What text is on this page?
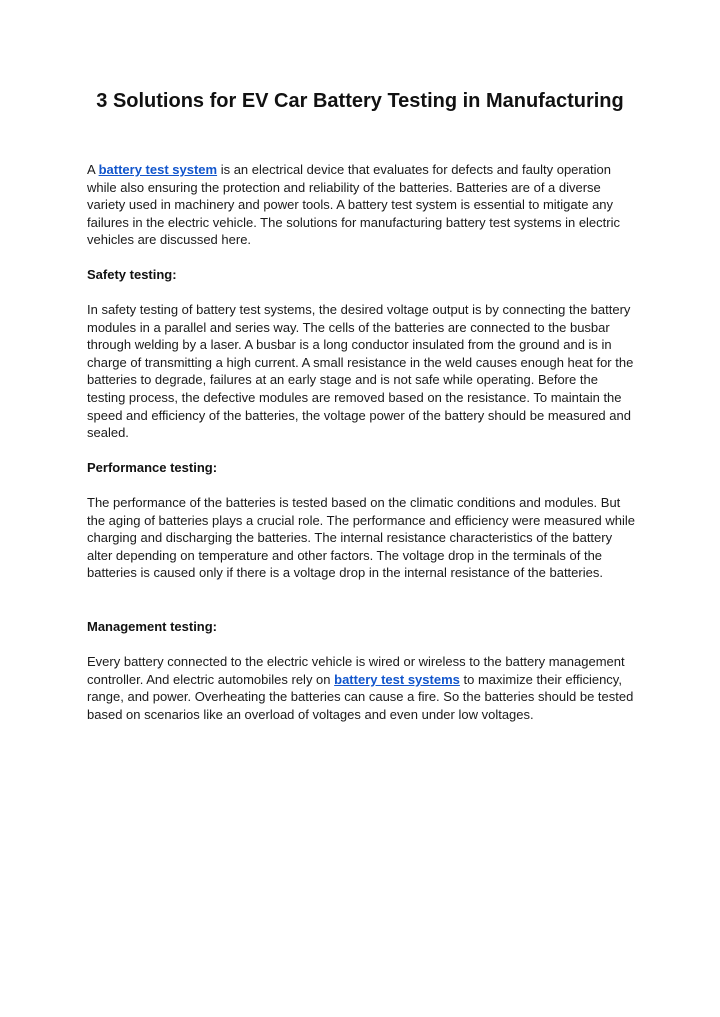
3 Solutions for EV Car Battery Testing in Manufacturing

A battery test system is an electrical device that evaluates for defects and faulty operation while also ensuring the protection and reliability of the batteries. Batteries are of a diverse variety used in machinery and power tools. A battery test system is essential to mitigate any failures in the electric vehicle. The solutions for manufacturing battery test systems in electric vehicles are discussed here.

Safety testing:

In safety testing of battery test systems, the desired voltage output is by connecting the battery modules in a parallel and series way. The cells of the batteries are connected to the busbar through welding by a laser. A busbar is a long conductor insulated from the ground and is in charge of transmitting a high current. A small resistance in the weld causes enough heat for the batteries to degrade, failures at an early stage and is not safe while operating. Before the testing process, the defective modules are removed based on the resistance. To maintain the speed and efficiency of the batteries, the voltage power of the battery should be measured and sealed.

Performance testing:

The performance of the batteries is tested based on the climatic conditions and modules. But the aging of batteries plays a crucial role. The performance and efficiency were measured while charging and discharging the batteries. The internal resistance characteristics of the battery alter depending on temperature and other factors. The voltage drop in the terminals of the batteries is caused only if there is a voltage drop in the internal resistance of the batteries.

Management testing:

Every battery connected to the electric vehicle is wired or wireless to the battery management controller. And electric automobiles rely on battery test systems to maximize their efficiency, range, and power. Overheating the batteries can cause a fire. So the batteries should be tested based on scenarios like an overload of voltages and even under low voltages.
